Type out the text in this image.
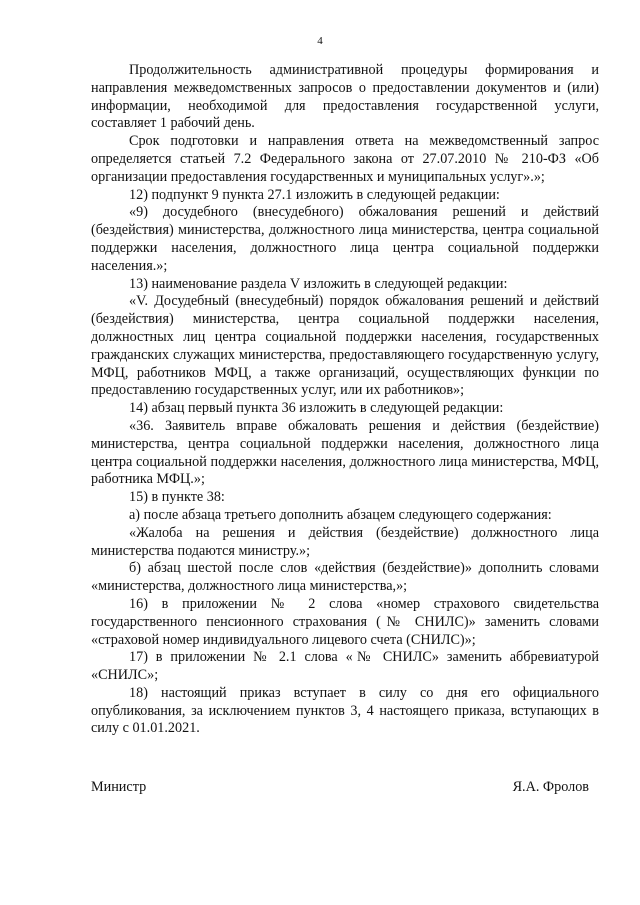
4

Продолжительность административной процедуры формирования и направления межведомственных запросов о предоставлении документов и (или) информации, необходимой для предоставления государственной услуги, составляет 1 рабочий день.

Срок подготовки и направления ответа на межведомственный запрос определяется статьей 7.2 Федерального закона от 27.07.2010 № 210-ФЗ «Об организации предоставления государственных и муниципальных услуг».»;

12) подпункт 9 пункта 27.1 изложить в следующей редакции:

«9) досудебного (внесудебного) обжалования решений и действий (бездействия) министерства, должностного лица министерства, центра социальной поддержки населения, должностного лица центра социальной поддержки населения.»;

13) наименование раздела V изложить в следующей редакции:

«V. Досудебный (внесудебный) порядок обжалования решений и действий (бездействия) министерства, центра социальной поддержки населения, должностных лиц центра социальной поддержки населения, государственных гражданских служащих министерства, предоставляющего государственную услугу, МФЦ, работников МФЦ, а также организаций, осуществляющих функции по предоставлению государственных услуг, или их работников»;

14) абзац первый пункта 36 изложить в следующей редакции:

«36. Заявитель вправе обжаловать решения и действия (бездействие) министерства, центра социальной поддержки населения, должностного лица центра социальной поддержки населения, должностного лица министерства, МФЦ, работника МФЦ.»;

15) в пункте 38:

а) после абзаца третьего дополнить абзацем следующего содержания:

«Жалоба на решения и действия (бездействие) должностного лица министерства подаются министру.»;

б) абзац шестой после слов «действия (бездействие)» дополнить словами «министерства, должностного лица министерства,»;

16) в приложении № 2 слова «номер страхового свидетельства государственного пенсионного страхования (№ СНИЛС)» заменить словами «страховой номер индивидуального лицевого счета (СНИЛС)»;

17) в приложении № 2.1 слова «№ СНИЛС» заменить аббревиатурой «СНИЛС»;

18) настоящий приказ вступает в силу со дня его официального опубликования, за исключением пунктов 3, 4 настоящего приказа, вступающих в силу с 01.01.2021.

Министр	Я.А. Фролов
